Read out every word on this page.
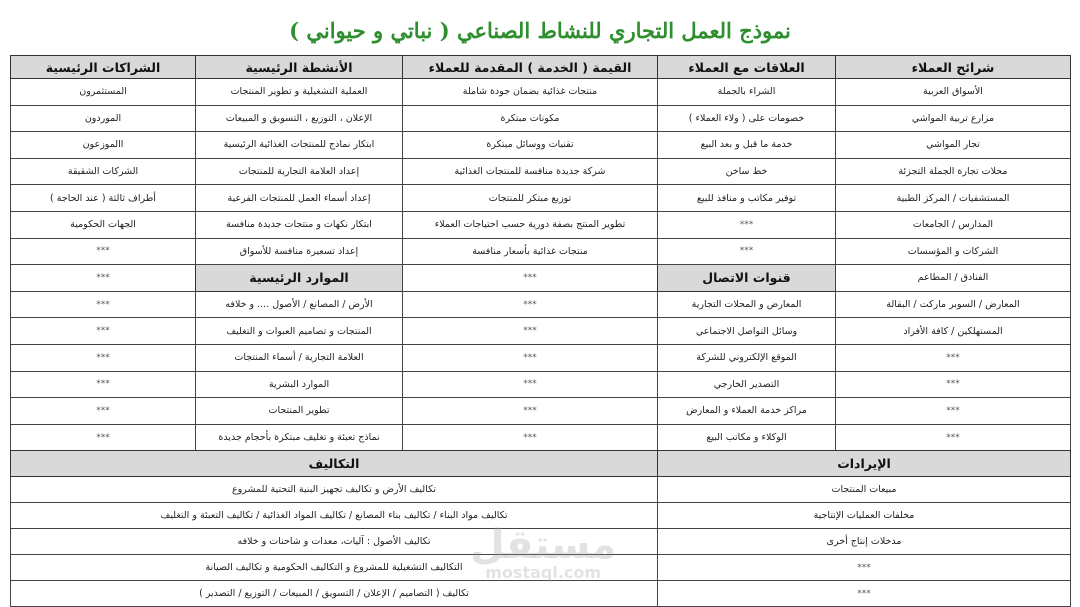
نموذج العمل التجاري للنشاط الصناعي ( نباتي و حيواني )
شرائح العملاء	العلاقات مع العملاء	القيمة ( الخدمة ) المقدمة للعملاء	الأنشطة الرئيسية	الشراكات الرئيسية
الأسواق العربية	الشراء بالجملة	منتجات غذائية بضمان جودة شاملة	العملية التشغيلية و تطوير المنتجات	المستثمرون
مزارع تربية المواشي	خصومات على ( ولاء العملاء )	مكونات مبتكرة	الإعلان ، التوزيع ، التسويق و المبيعات	الموردون
تجار المواشي	خدمة ما قبل و بعد البيع	تقنيات ووسائل مبتكرة	ابتكار نماذج للمنتجات الغذائية الرئيسية	االموزعون
محلات تجارة الجملة التجزئة	خط ساخن	شركة جديدة منافسة للمنتجات الغذائية	إعداد العلامة التجارية للمنتجات	الشركات الشقيقة
المستشفيات / المركز الطبية	توفير مكاتب و منافذ للبيع	توزيع مبتكر للمنتجات	إعداد أسماء العمل للمنتجات الفرعية	أطراف ثالثة ( عند الحاجة )
المدارس / الجامعات	***	تطوير المنتج بصفة دورية حسب احتياجات العملاء	ابتكار نكهات و منتجات جديدة منافسة	الجهات الحكومية
الشركات و المؤسسات	***	منتجات غذائية بأسعار منافسة	إعداد تسعيرة منافسة للأسواق	***
الفنادق / المطاعم	قنوات الاتصال	***	الموارد الرئيسية	***
المعارض / السوبر ماركت / البقالة	المعارض و المحلات التجارية	***	الأرض / المصانع / الأصول .... و خلافه	***
المستهلكين / كافة الأفراد	وسائل التواصل الاجتماعي	***	المنتجات و تصاميم العبوات و التغليف	***
***	الموقع الإلكتروني للشركة	***	العلامة التجارية / أسماء المنتجات	***
***	التصدير الخارجي	***	الموارد البشرية	***
***	مراكز خدمة العملاء و المعارض	***	تطوير المنتجات	***
***	الوكلاء و مكاتب البيع	***	نماذج تعبئة و تغليف مبتكرة بأحجام جديدة	***
الإيرادات	التكاليف
مبيعات المنتجات	تكاليف الأرض و تكاليف تجهيز البنية التحتية للمشروع
مخلفات العمليات الإنتاجية	تكاليف مواد البناء / تكاليف بناء المصانع / تكاليف المواد الغذائية / تكاليف التعبئة و التغليف
مدخلات إنتاج أخرى	تكاليف الأصول : آليات، معدات و شاحنات و خلافه
***	التكاليف التشغيلية للمشروع و التكاليف الحكومية و تكاليف الصيانة
***	تكاليف ( التصاميم / الإعلان / التسويق / المبيعات / التوزيع / التصدير )
مستقل
mostaql.com
